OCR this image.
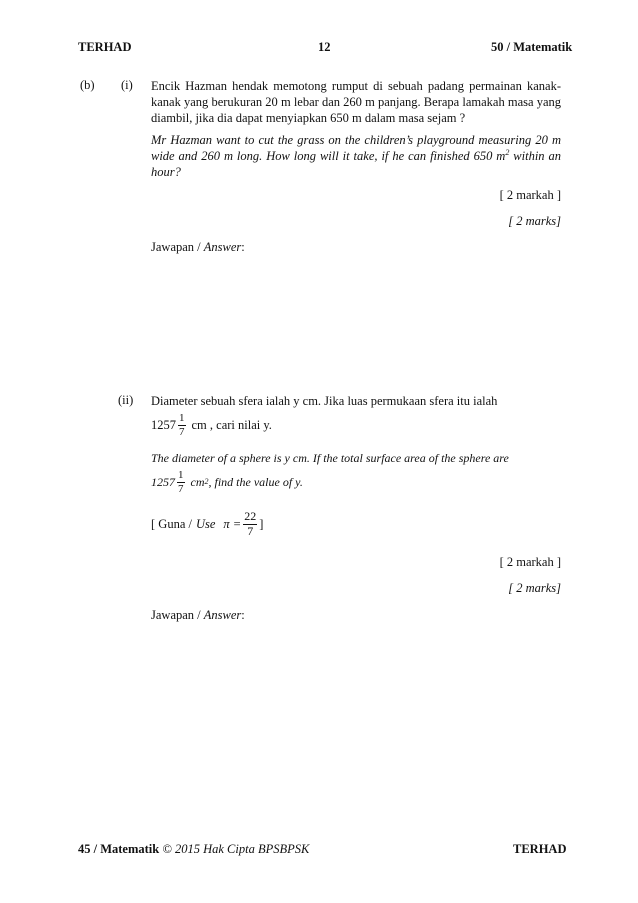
TERHAD	12	50 / Matematik
(b) (i) Encik Hazman hendak memotong rumput di sebuah padang permainan kanak- kanak yang berukuran 20 m lebar dan 260 m panjang. Berapa lamakah masa yang diambil, jika dia dapat menyiapkan 650 m dalam masa sejam ?
Mr Hazman want to cut the grass on the children’s playground measuring 20 m wide and 260 m long. How long will it take, if he can finished 650 $m^2$ within an hour?
[ 2 markah ]
[ 2 marks]
Jawapan / Answer:
(ii) Diameter sebuah sfera ialah y cm. Jika luas permukaan sfera itu ialah
$1257 \frac{1}{7}$ cm , cari nilai y.
The diameter of a sphere is y cm. If the total surface area of the sphere are
$1257 \frac{1}{7}$ cm 2 , find the value of y.
[ Guna / Use $\pi = \frac{22}{7}$ ]
[ 2 markah ]
[ 2 marks]
Jawapan / Answer:
45 / Matematik © 2015 Hak Cipta BPSBPSK	TERHAD
